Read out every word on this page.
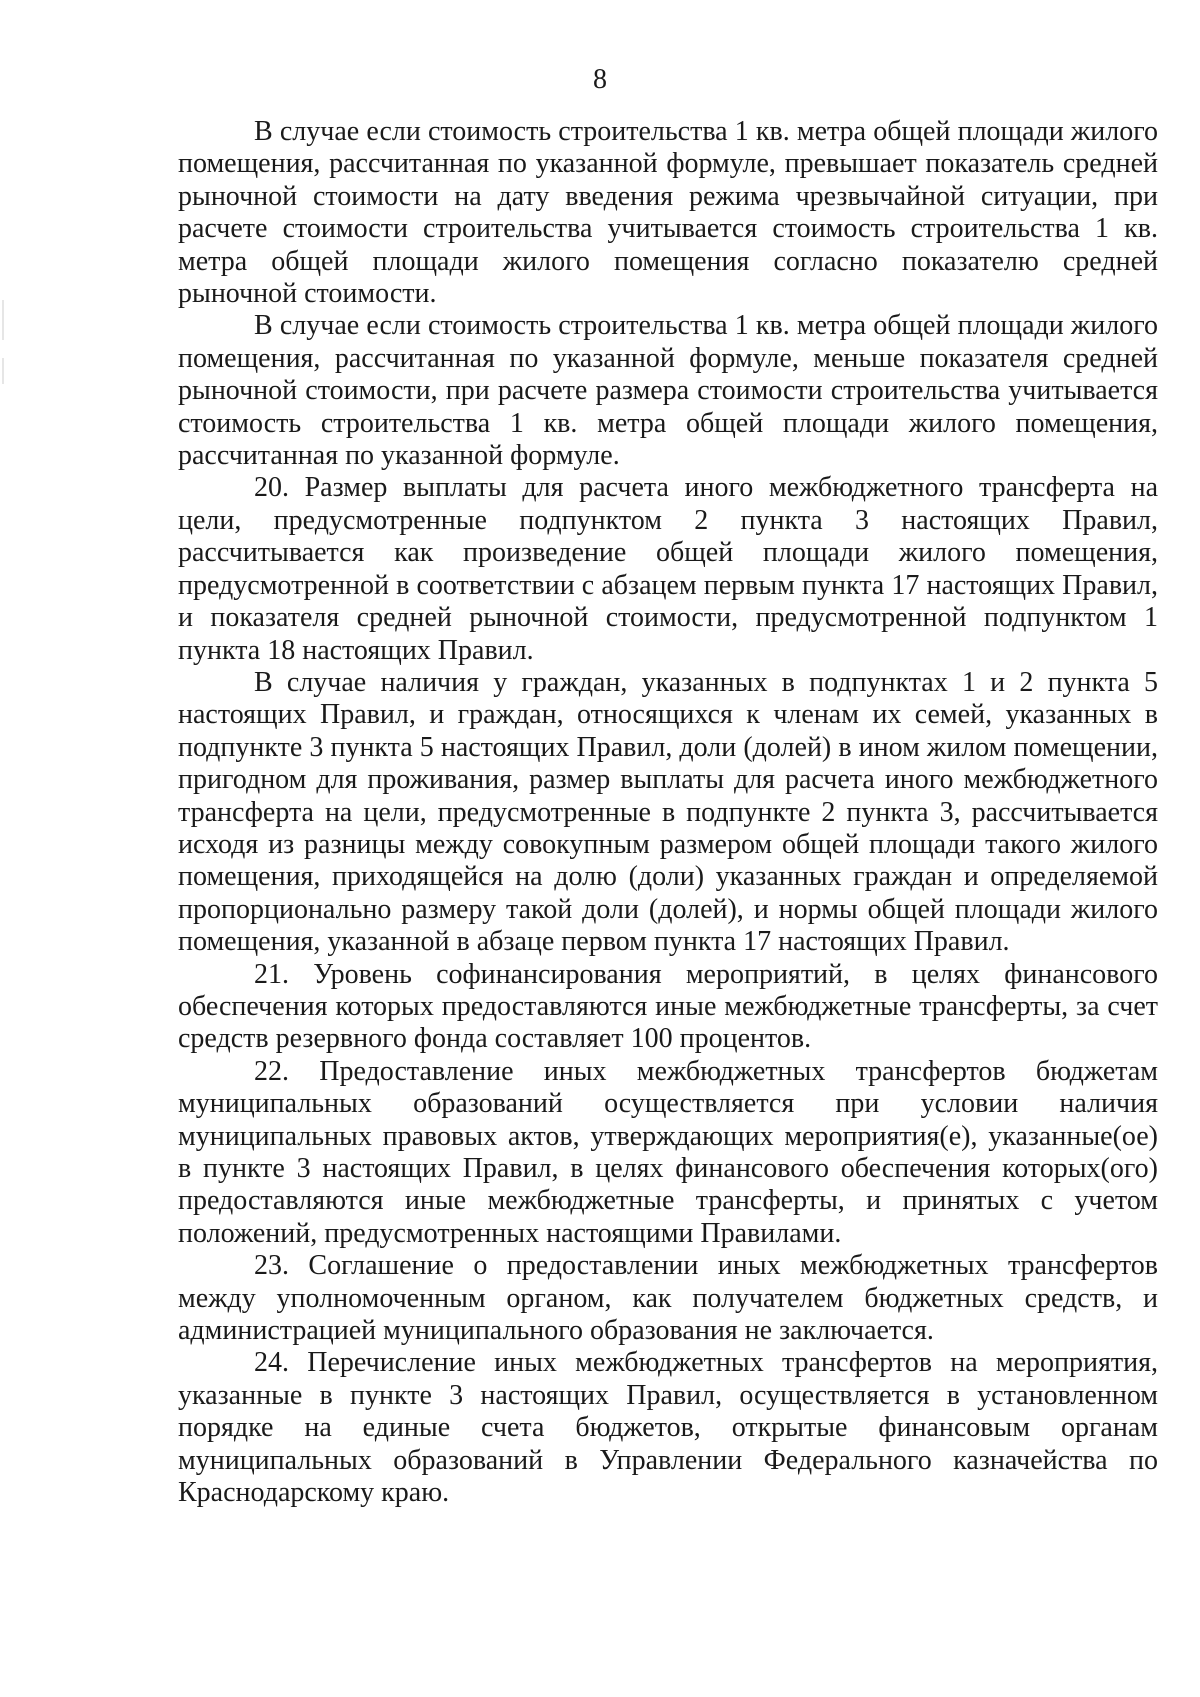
8

В случае если стоимость строительства 1 кв. метра общей площади жилого помещения, рассчитанная по указанной формуле, превышает показатель средней рыночной стоимости на дату введения режима чрезвычайной ситуации, при расчете стоимости строительства учитывается стоимость строительства 1 кв. метра общей площади жилого помещения согласно показателю средней рыночной стоимости.

В случае если стоимость строительства 1 кв. метра общей площади жилого помещения, рассчитанная по указанной формуле, меньше показателя средней рыночной стоимости, при расчете размера стоимости строительства учитывается стоимость строительства 1 кв. метра общей площади жилого помещения, рассчитанная по указанной формуле.

20. Размер выплаты для расчета иного межбюджетного трансферта на цели, предусмотренные подпунктом 2 пункта 3 настоящих Правил, рассчитывается как произведение общей площади жилого помещения, предусмотренной в соответствии с абзацем первым пункта 17 настоящих Правил, и показателя средней рыночной стоимости, предусмотренной подпунктом 1 пункта 18 настоящих Правил.

В случае наличия у граждан, указанных в подпунктах 1 и 2 пункта 5 настоящих Правил, и граждан, относящихся к членам их семей, указанных в подпункте 3 пункта 5 настоящих Правил, доли (долей) в ином жилом помещении, пригодном для проживания, размер выплаты для расчета иного межбюджетного трансферта на цели, предусмотренные в подпункте 2 пункта 3, рассчитывается исходя из разницы между совокупным размером общей площади такого жилого помещения, приходящейся на долю (доли) указанных граждан и определяемой пропорционально размеру такой доли (долей), и нормы общей площади жилого помещения, указанной в абзаце первом пункта 17 настоящих Правил.

21. Уровень софинансирования мероприятий, в целях финансового обеспечения которых предоставляются иные межбюджетные трансферты, за счет средств резервного фонда составляет 100 процентов.

22. Предоставление иных межбюджетных трансфертов бюджетам муниципальных образований осуществляется при условии наличия муниципальных правовых актов, утверждающих мероприятия(е), указанные(ое) в пункте 3 настоящих Правил, в целях финансового обеспечения которых(ого) предоставляются иные межбюджетные трансферты, и принятых с учетом положений, предусмотренных настоящими Правилами.

23. Соглашение о предоставлении иных межбюджетных трансфертов между уполномоченным органом, как получателем бюджетных средств, и администрацией муниципального образования не заключается.

24. Перечисление иных межбюджетных трансфертов на мероприятия, указанные в пункте 3 настоящих Правил, осуществляется в установленном порядке на единые счета бюджетов, открытые финансовым органам муниципальных образований в Управлении Федерального казначейства по Краснодарскому краю.
